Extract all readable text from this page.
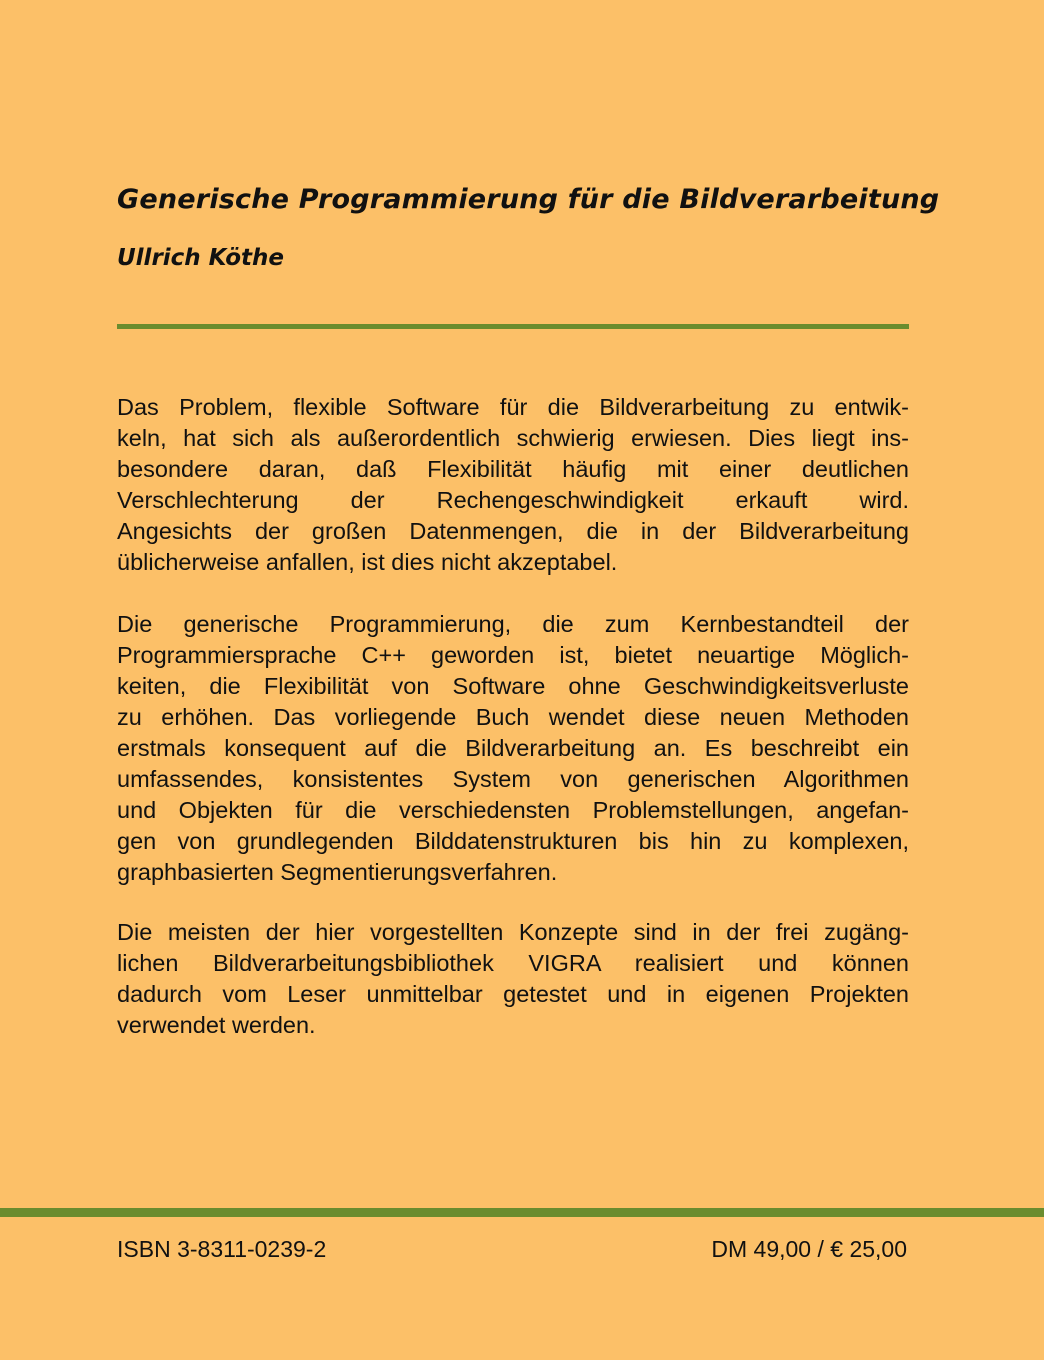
Generische Programmierung für die Bildverarbeitung
Ullrich Köthe
Das Problem, flexible Software für die Bildverarbeitung zu entwik-
keln, hat sich als außerordentlich schwierig erwiesen. Dies liegt ins-
besondere daran, daß Flexibilität häufig mit einer deutlichen
Verschlechterung der Rechengeschwindigkeit erkauft wird.
Angesichts der großen Datenmengen, die in der Bildverarbeitung
üblicherweise anfallen, ist dies nicht akzeptabel.
Die generische Programmierung, die zum Kernbestandteil der
Programmiersprache C++ geworden ist, bietet neuartige Möglich-
keiten, die Flexibilität von Software ohne Geschwindigkeitsverluste
zu erhöhen. Das vorliegende Buch wendet diese neuen Methoden
erstmals konsequent auf die Bildverarbeitung an. Es beschreibt ein
umfassendes, konsistentes System von generischen Algorithmen
und Objekten für die verschiedensten Problemstellungen, angefan-
gen von grundlegenden Bilddatenstrukturen bis hin zu komplexen,
graphbasierten Segmentierungsverfahren.
Die meisten der hier vorgestellten Konzepte sind in der frei zugäng-
lichen Bildverarbeitungsbibliothek VIGRA realisiert und können
dadurch vom Leser unmittelbar getestet und in eigenen Projekten
verwendet werden.
ISBN 3-8311-0239-2	DM 49,00 / € 25,00
